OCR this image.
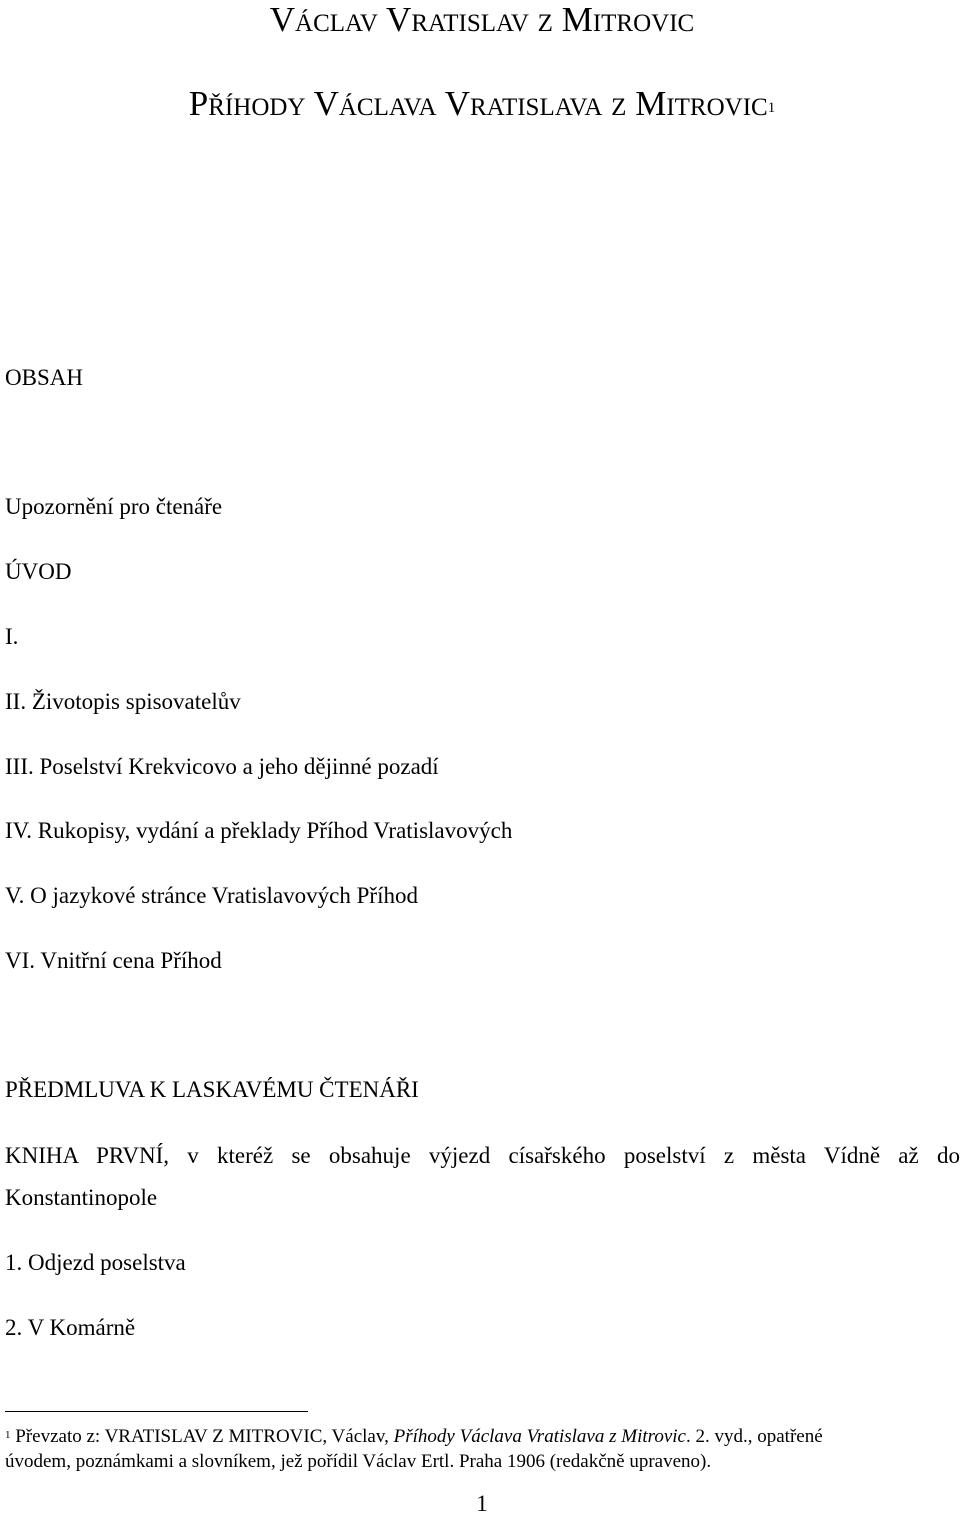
Václav Vratislav z Mitrovic
Příhody Václava Vratislava z Mitrovic$^1$
OBSAH
Upozornění pro čtenáře
ÚVOD
I.
II. Životopis spisovatelův
III. Poselství Krekvicovo a jeho dějinné pozadí
IV. Rukopisy, vydání a překlady Příhod Vratislavových
V. O jazykové stránce Vratislavových Příhod
VI. Vnitřní cena Příhod
PŘEDMLUVA K LASKAVÉMU ČTENÁŘI
KNIHA PRVNÍ, v kteréž se obsahuje výjezd císařského poselství z města Vídně až do
Konstantinopole
1. Odjezd poselstva
2. V Komárně
$^1$ Převzato z: VRATISLAV Z MITROVIC, Václav, Příhody Václava Vratislava z Mitrovic. 2. vyd., opatřené
úvodem, poznámkami a slovníkem, jež pořídil Václav Ertl. Praha 1906 (redakčně upraveno).
1
